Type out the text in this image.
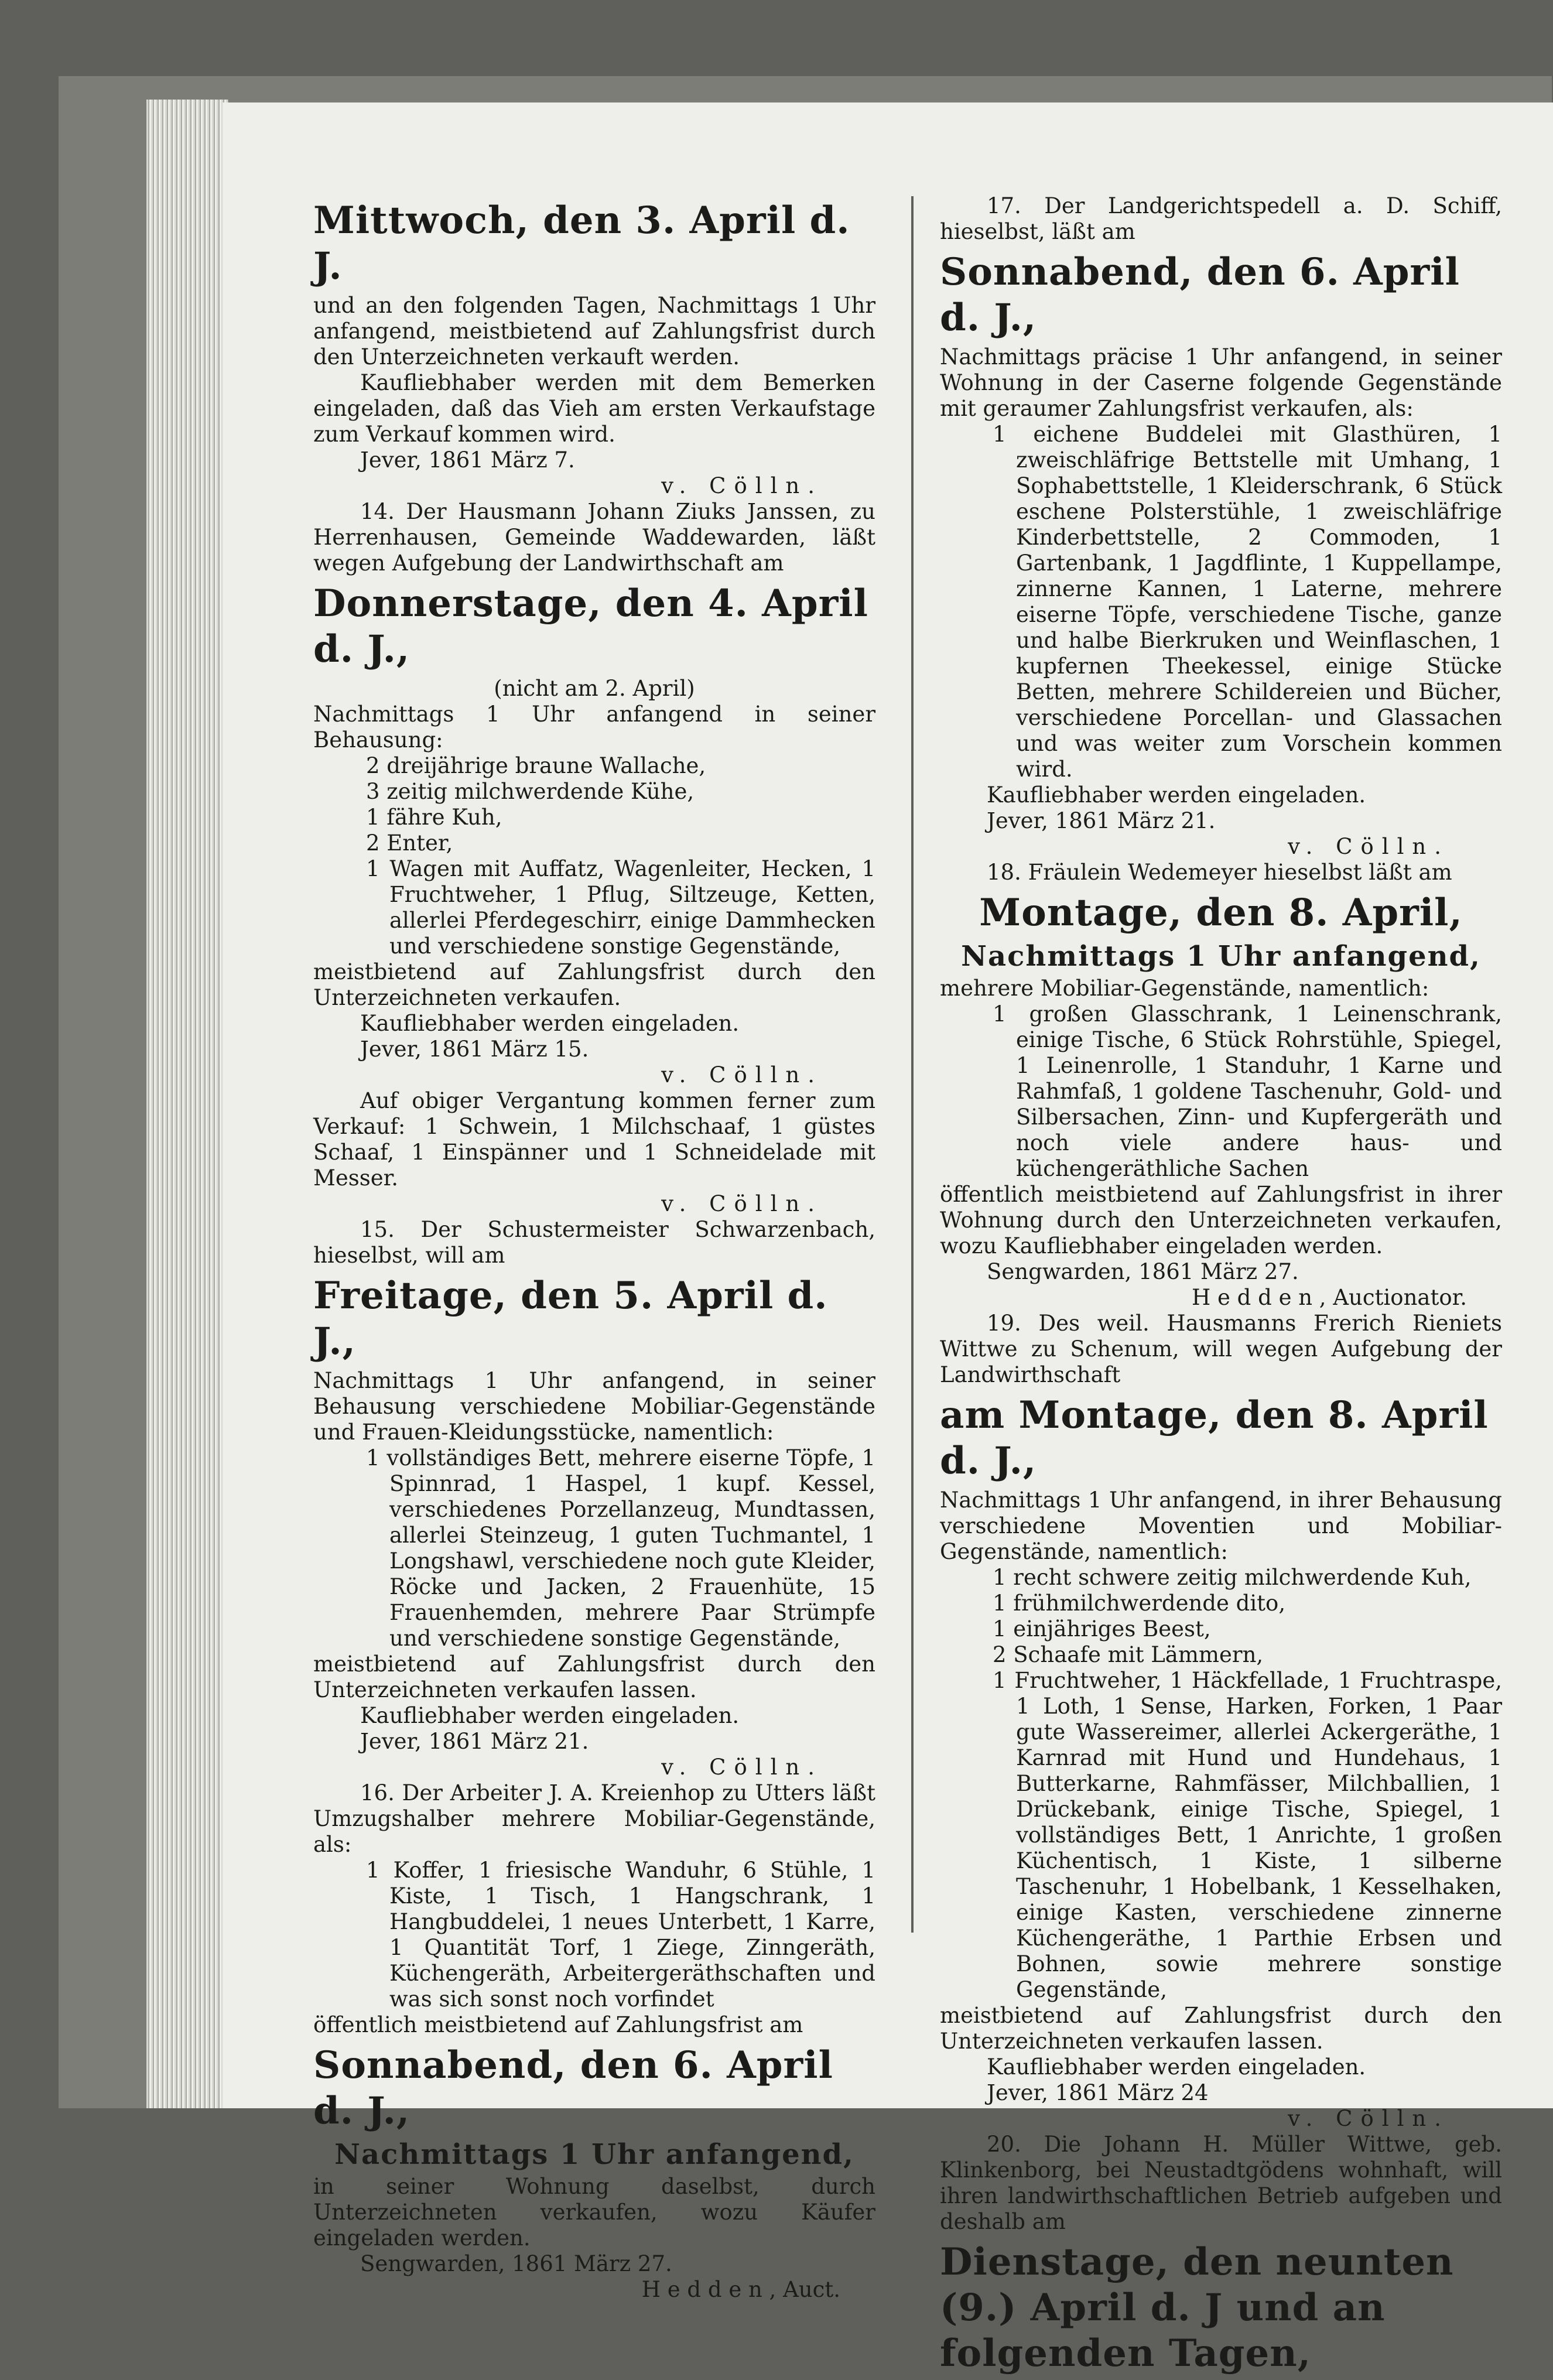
Mittwoch, den 3. April d. J.

und an den folgenden Tagen, Nachmittags 1 Uhr anfangend, meistbietend auf Zahlungsfrist durch den Unterzeichneten verkauft werden.

Kaufliebhaber werden mit dem Bemerken eingeladen, daß das Vieh am ersten Verkaufstage zum Verkauf kommen wird.

Jever, 1861 März 7.

v. Cölln.

14. Der Hausmann Johann Ziuks Janssen, zu Herrenhausen, Gemeinde Waddewarden, läßt wegen Aufgebung der Landwirthschaft am

Donnerstage, den 4. April d. J.,

(nicht am 2. April)

Nachmittags 1 Uhr anfangend in seiner Behausung:

2 dreijährige braune Wallache,

3 zeitig milchwerdende Kühe,

1 fähre Kuh,

2 Enter,

1 Wagen mit Auffatz, Wagenleiter, Hecken, 1 Fruchtweher, 1 Pflug, Siltzeuge, Ketten, allerlei Pferdegeschirr, einige Dammhecken und verschiedene sonstige Gegenstände,

meistbietend auf Zahlungsfrist durch den Unterzeichneten verkaufen.

Kaufliebhaber werden eingeladen.

Jever, 1861 März 15.

v. Cölln.

Auf obiger Vergantung kommen ferner zum Verkauf: 1 Schwein, 1 Milchschaaf, 1 güstes Schaaf, 1 Einspänner und 1 Schneidelade mit Messer.

v. Cölln.

15. Der Schustermeister Schwarzenbach, hieselbst, will am

Freitage, den 5. April d. J.,

Nachmittags 1 Uhr anfangend, in seiner Behausung verschiedene Mobiliar-Gegenstände und Frauen-Kleidungsstücke, namentlich:

1 vollständiges Bett, mehrere eiserne Töpfe, 1 Spinnrad, 1 Haspel, 1 kupf. Kessel, verschiedenes Porzellanzeug, Mundtassen, allerlei Steinzeug, 1 guten Tuchmantel, 1 Longshawl, verschiedene noch gute Kleider, Röcke und Jacken, 2 Frauenhüte, 15 Frauenhemden, mehrere Paar Strümpfe und verschiedene sonstige Gegenstände,

meistbietend auf Zahlungsfrist durch den Unterzeichneten verkaufen lassen.

Kaufliebhaber werden eingeladen.

Jever, 1861 März 21.

v. Cölln.

16. Der Arbeiter J. A. Kreienhop zu Utters läßt Umzugshalber mehrere Mobiliar-Gegenstände, als:

1 Koffer, 1 friesische Wanduhr, 6 Stühle, 1 Kiste, 1 Tisch, 1 Hangschrank, 1 Hangbuddelei, 1 neues Unterbett, 1 Karre, 1 Quantität Torf, 1 Ziege, Zinngeräth, Küchengeräth, Arbeitergeräthschaften und was sich sonst noch vorfindet

öffentlich meistbietend auf Zahlungsfrist am

Sonnabend, den 6. April d. J.,

Nachmittags 1 Uhr anfangend,

in seiner Wohnung daselbst, durch Unterzeichneten verkaufen, wozu Käufer eingeladen werden.

Sengwarden, 1861 März 27.

H e d d e n , Auct.

17. Der Landgerichtspedell a. D. Schiff, hieselbst, läßt am

Sonnabend, den 6. April d. J.,

Nachmittags präcise 1 Uhr anfangend, in seiner Wohnung in der Caserne folgende Gegenstände mit geraumer Zahlungsfrist verkaufen, als:

1 eichene Buddelei mit Glasthüren, 1 zweischläfrige Bettstelle mit Umhang, 1 Sophabettstelle, 1 Kleiderschrank, 6 Stück eschene Polsterstühle, 1 zweischläfrige Kinderbettstelle, 2 Commoden, 1 Gartenbank, 1 Jagdflinte, 1 Kuppellampe, zinnerne Kannen, 1 Laterne, mehrere eiserne Töpfe, verschiedene Tische, ganze und halbe Bierkruken und Weinflaschen, 1 kupfernen Theekessel, einige Stücke Betten, mehrere Schildereien und Bücher, verschiedene Porcellan- und Glassachen und was weiter zum Vorschein kommen wird.

Kaufliebhaber werden eingeladen.

Jever, 1861 März 21.

v. Cölln.

18. Fräulein Wedemeyer hieselbst läßt am

Montage, den 8. April,

Nachmittags 1 Uhr anfangend,

mehrere Mobiliar-Gegenstände, namentlich:

1 großen Glasschrank, 1 Leinenschrank, einige Tische, 6 Stück Rohrstühle, Spiegel, 1 Leinenrolle, 1 Standuhr, 1 Karne und Rahmfaß, 1 goldene Taschenuhr, Gold- und Silbersachen, Zinn- und Kupfergeräth und noch viele andere haus- und küchengeräthliche Sachen

öffentlich meistbietend auf Zahlungsfrist in ihrer Wohnung durch den Unterzeichneten verkaufen, wozu Kaufliebhaber eingeladen werden.

Sengwarden, 1861 März 27.

H e d d e n , Auctionator.

19. Des weil. Hausmanns Frerich Rieniets Wittwe zu Schenum, will wegen Aufgebung der Landwirthschaft

am Montage, den 8. April d. J.,

Nachmittags 1 Uhr anfangend, in ihrer Behausung verschiedene Moventien und Mobiliar-Gegenstände, namentlich:

1 recht schwere zeitig milchwerdende Kuh,

1 frühmilchwerdende dito,

1 einjähriges Beest,

2 Schaafe mit Lämmern,

1 Fruchtweher, 1 Häckfellade, 1 Fruchtraspe, 1 Loth, 1 Sense, Harken, Forken, 1 Paar gute Wassereimer, allerlei Ackergeräthe, 1 Karnrad mit Hund und Hundehaus, 1 Butterkarne, Rahmfässer, Milchballien, 1 Drückebank, einige Tische, Spiegel, 1 vollständiges Bett, 1 Anrichte, 1 großen Küchentisch, 1 Kiste, 1 silberne Taschenuhr, 1 Hobelbank, 1 Kesselhaken, einige Kasten, verschiedene zinnerne Küchengeräthe, 1 Parthie Erbsen und Bohnen, sowie mehrere sonstige Gegenstände,

meistbietend auf Zahlungsfrist durch den Unterzeichneten verkaufen lassen.

Kaufliebhaber werden eingeladen.

Jever, 1861 März 24

v. Cölln.

20. Die Johann H. Müller Wittwe, geb. Klinkenborg, bei Neustadtgödens wohnhaft, will ihren landwirthschaftlichen Betrieb aufgeben und deshalb am

Dienstage, den neunten (9.) April d. J und an folgenden Tagen,
